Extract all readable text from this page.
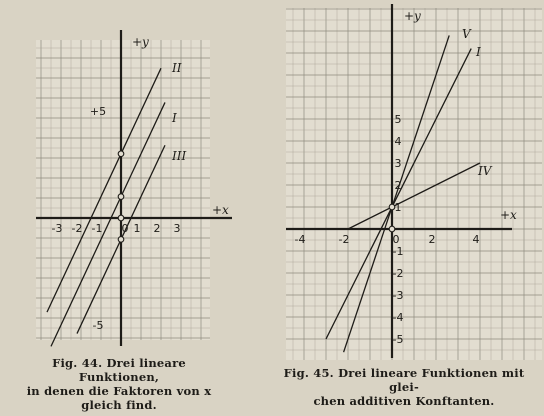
+x
+y
-3 -2 -1 0 1 2 3
+5
-5
II
I
III
+x
+y
-4	-2	0	2	4
5
4
3
2
1
-1
-2
-3
-4
-5
V
I
IV
Fig. 44. Drei lineare Funktionen,
in denen die Faktoren von x
gleich find.
Fig. 45. Drei lineare Funktionen mit glei-
chen additiven Konftanten.
